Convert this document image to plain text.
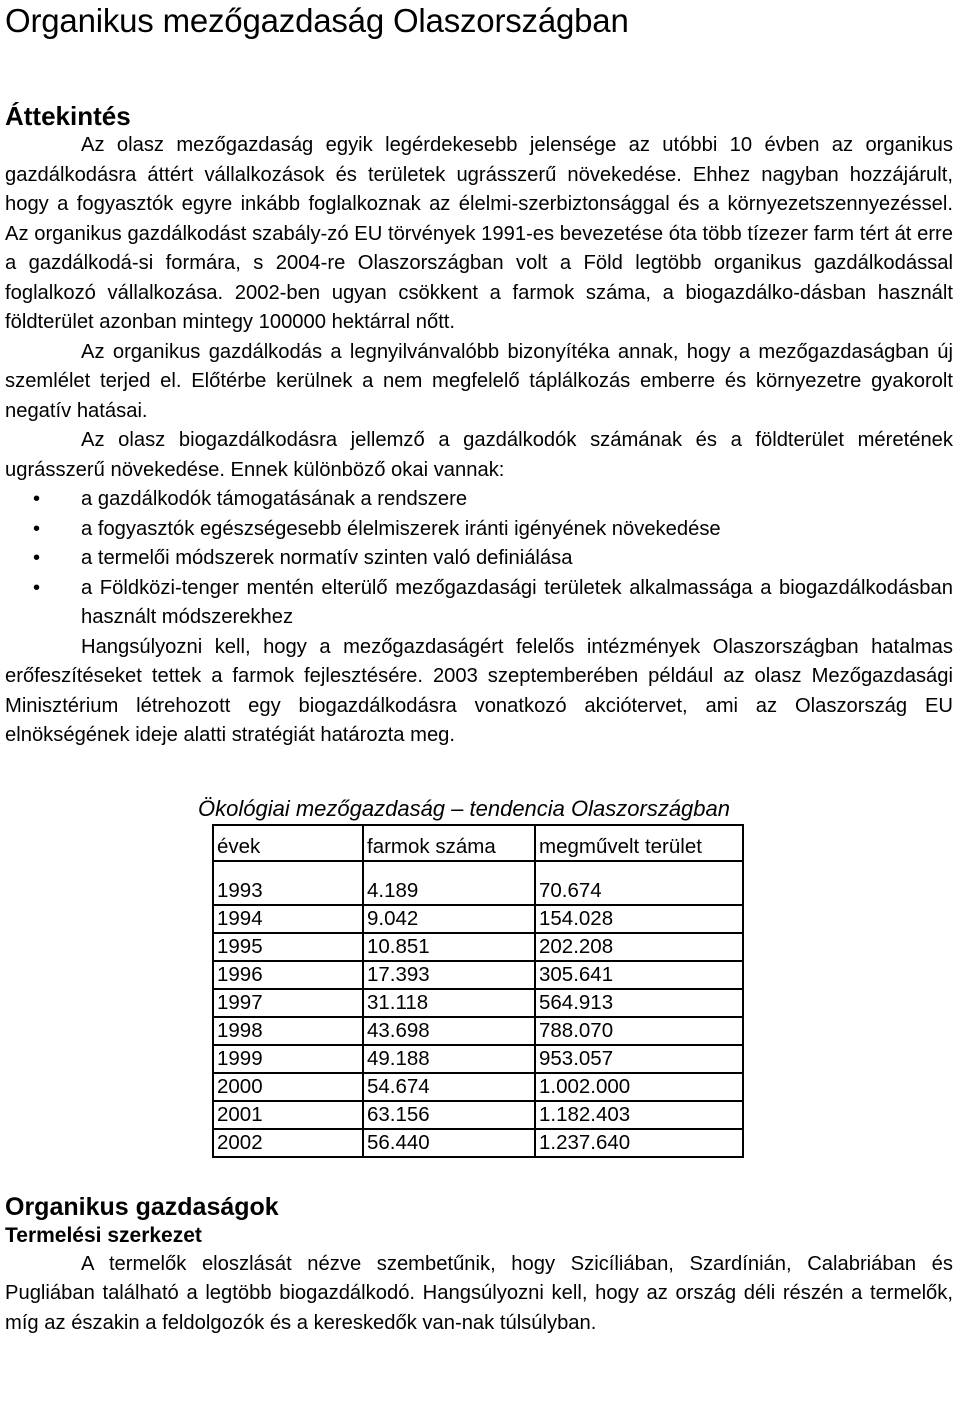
Organikus mezőgazdaság Olaszországban
Áttekintés

Az olasz mezőgazdaság egyik legérdekesebb jelensége az utóbbi 10 évben az organikus gazdálkodásra áttért vállalkozások és területek ugrásszerű növekedése. Ehhez nagyban hozzájárult, hogy a fogyasztók egyre inkább foglalkoznak az élelmi-szerbiztonsággal és a környezetszennyezéssel. Az organikus gazdálkodást szabály-zó EU törvények 1991-es bevezetése óta több tízezer farm tért át erre a gazdálkodá-si formára, s 2004-re Olaszországban volt a Föld legtöbb organikus gazdálkodással foglalkozó vállalkozása. 2002-ben ugyan csökkent a farmok száma, a biogazdálko-dásban használt földterület azonban mintegy 100000 hektárral nőtt.

Az organikus gazdálkodás a legnyilvánvalóbb bizonyítéka annak, hogy a mezőgazdaságban új szemlélet terjed el. Előtérbe kerülnek a nem megfelelő táplálkozás emberre és környezetre gyakorolt negatív hatásai.

Az olasz biogazdálkodásra jellemző a gazdálkodók számának és a földterület méretének ugrásszerű növekedése. Ennek különböző okai vannak:

• a gazdálkodók támogatásának a rendszere
• a fogyasztók egészségesebb élelmiszerek iránti igényének növekedése
• a termelői módszerek normatív szinten való definiálása
• a Földközi-tenger mentén elterülő mezőgazdasági területek alkalmassága a biogazdálkodásban használt módszerekhez

Hangsúlyozni kell, hogy a mezőgazdaságért felelős intézmények Olaszországban hatalmas erőfeszítéseket tettek a farmok fejlesztésére. 2003 szeptemberében például az olasz Mezőgazdasági Minisztérium létrehozott egy biogazdálkodásra vonatkozó akciótervet, ami az Olaszország EU elnökségének ideje alatti stratégiát határozta meg.

Ökológiai mezőgazdaság – tendencia Olaszországban

évek	farmok száma	megművelt terület

1993	4.189	70.674
1994	9.042	154.028
1995	10.851	202.208
1996	17.393	305.641
1997	31.118	564.913
1998	43.698	788.070
1999	49.188	953.057
2000	54.674	1.002.000
2001	63.156	1.182.403
2002	56.440	1.237.640
Organikus gazdaságok
Termelési szerkezet

A termelők eloszlását nézve szembetűnik, hogy Szicíliában, Szardínián, Calabriában és Pugliában található a legtöbb biogazdálkodó. Hangsúlyozni kell, hogy az ország déli részén a termelők, míg az északin a feldolgozók és a kereskedők van-nak túlsúlyban.
